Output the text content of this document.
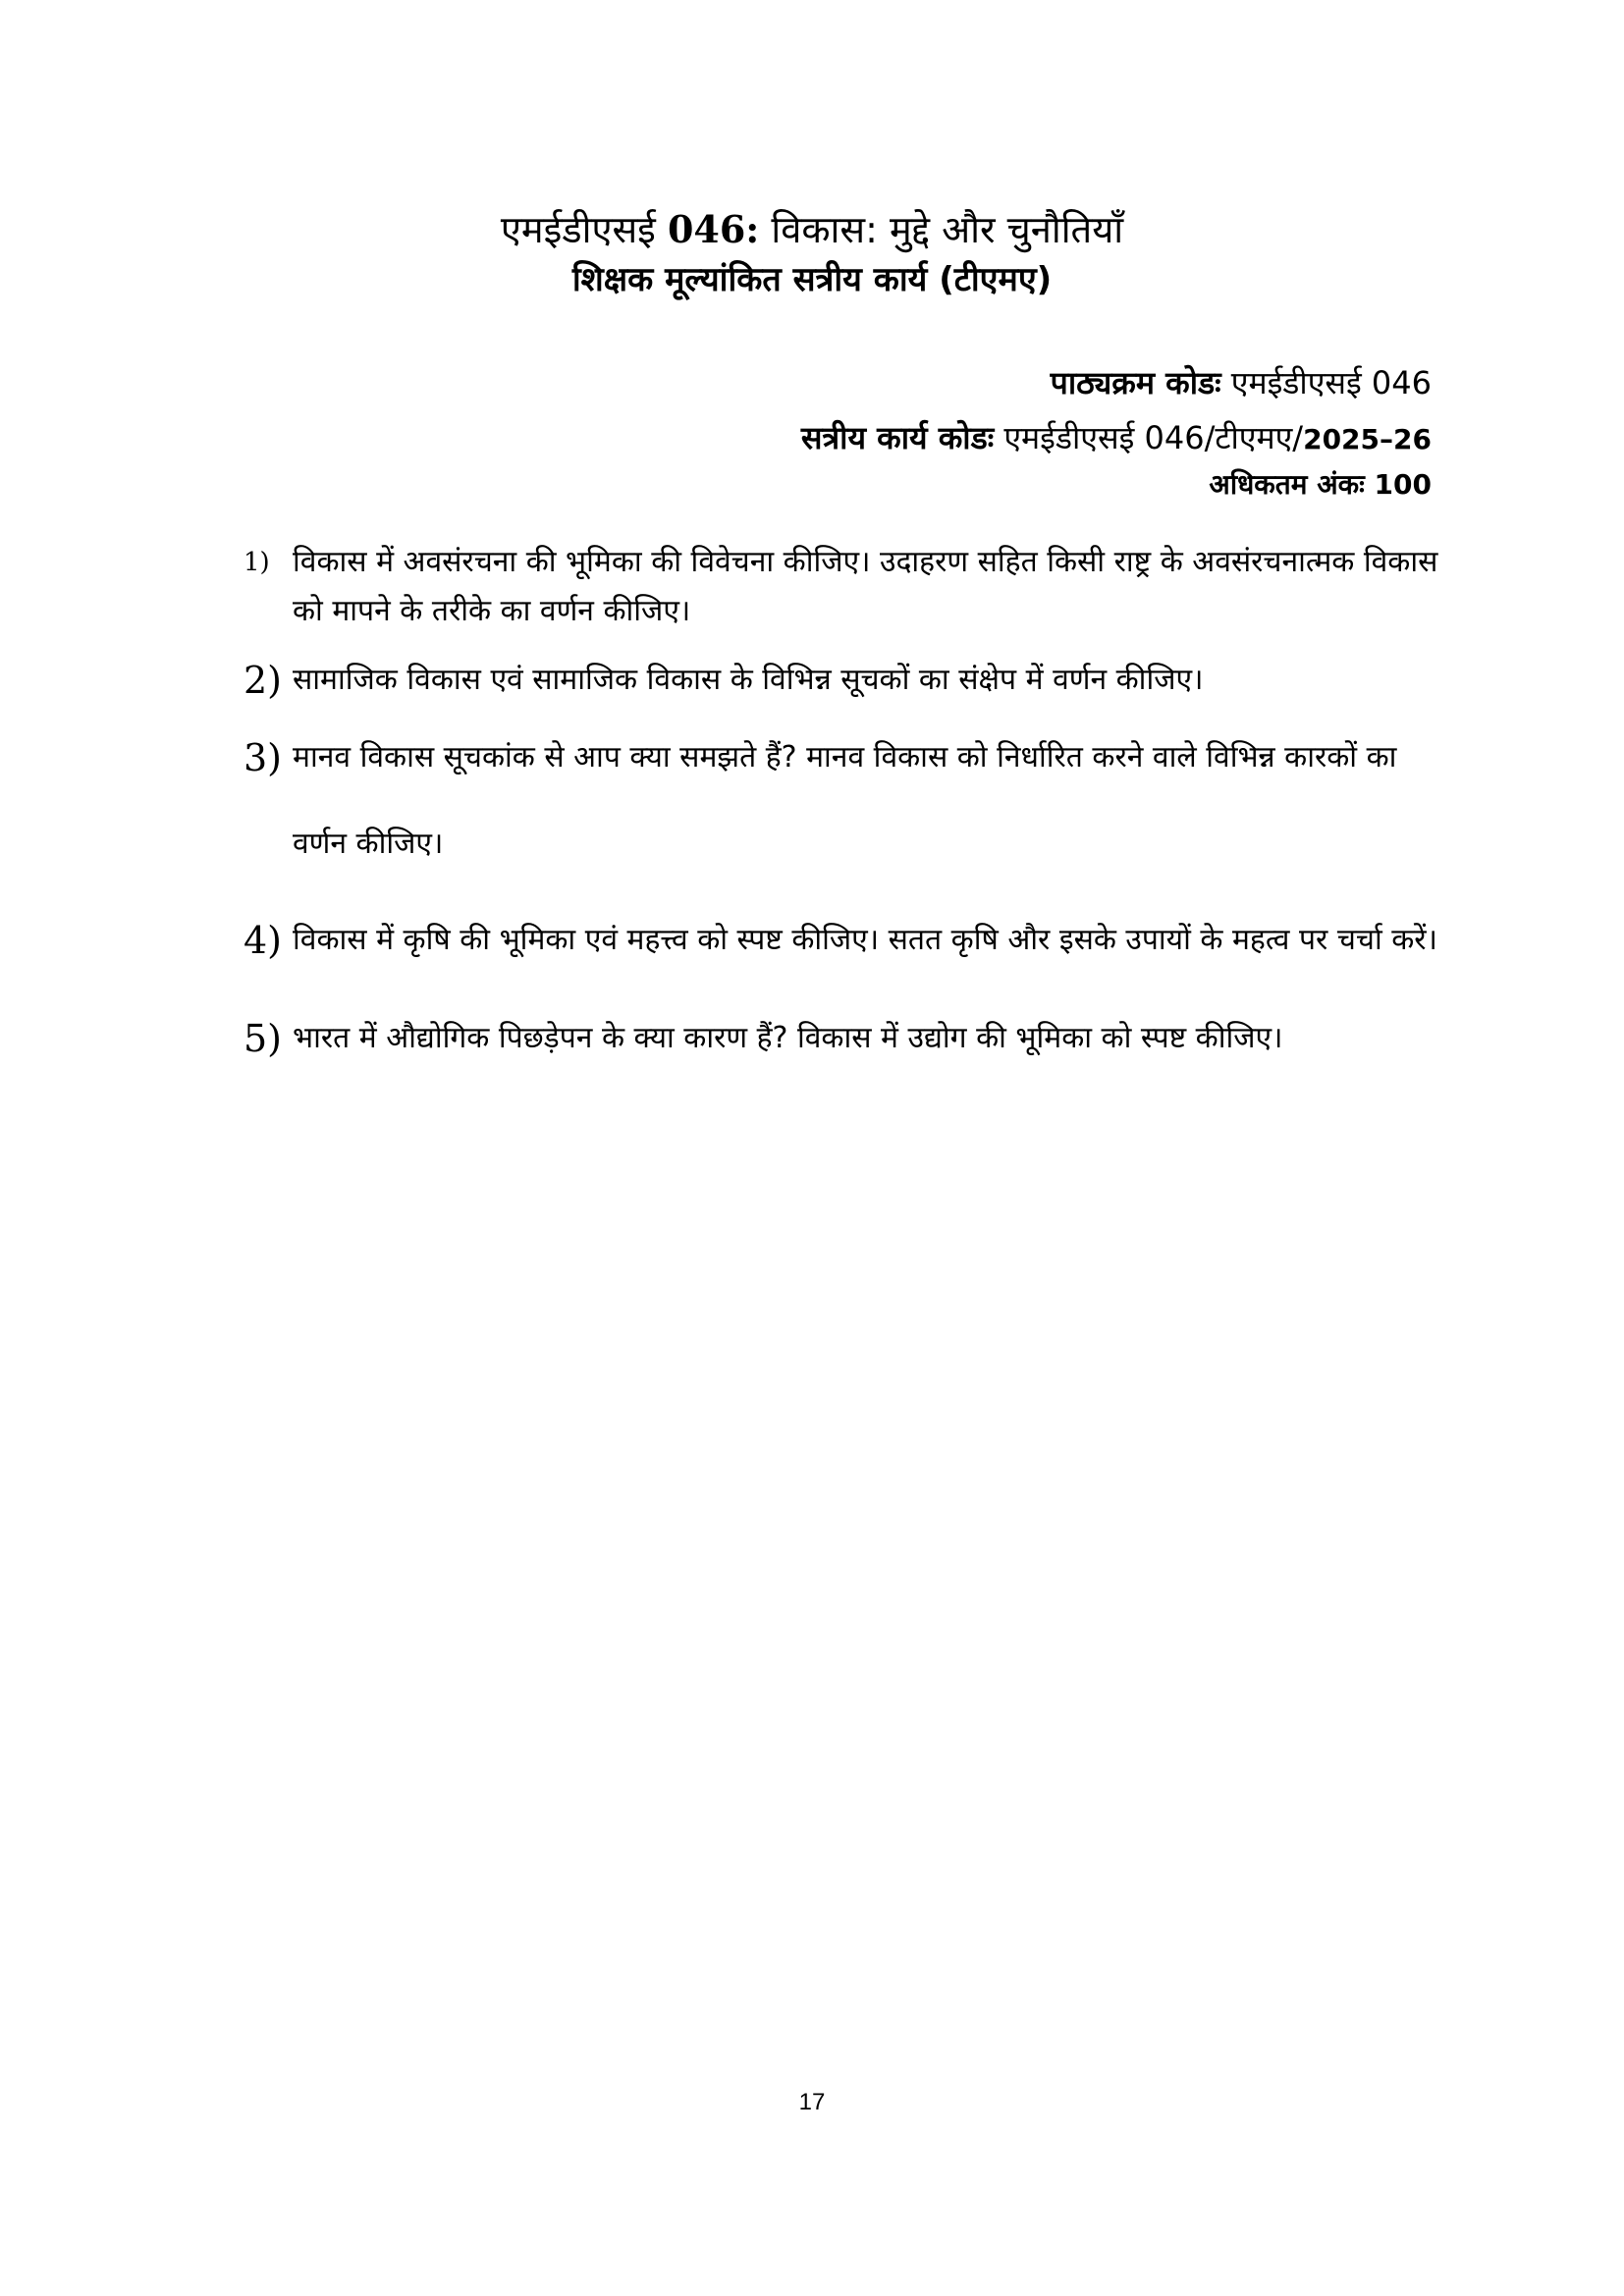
एमईडीएसई 046: विकास: मुद्दे और चुनौतियाँ
शिक्षक मूल्यांकित सत्रीय कार्य (टीएमए)
पाठ्यक्रम कोडः एमईडीएसई 046
सत्रीय कार्य कोडः एमईडीएसई 046/टीएमए/2025–26
अधिकतम अंकः 100
1) विकास में अवसंरचना की भूमिका की विवेचना कीजिए। उदाहरण सहित किसी राष्ट्र के अवसंरचनात्मक विकास को मापने के तरीके का वर्णन कीजिए।
2) सामाजिक विकास एवं सामाजिक विकास के विभिन्न सूचकों का संक्षेप में वर्णन कीजिए।
3) मानव विकास सूचकांक से आप क्या समझते हैं? मानव विकास को निर्धारित करने वाले विभिन्न कारकों का वर्णन कीजिए।
4) विकास में कृषि की भूमिका एवं महत्त्व को स्पष्ट कीजिए। सतत कृषि और इसके उपायों के महत्व पर चर्चा करें।
5) भारत में औद्योगिक पिछड़ेपन के क्या कारण हैं? विकास में उद्योग की भूमिका को स्पष्ट कीजिए।
17
